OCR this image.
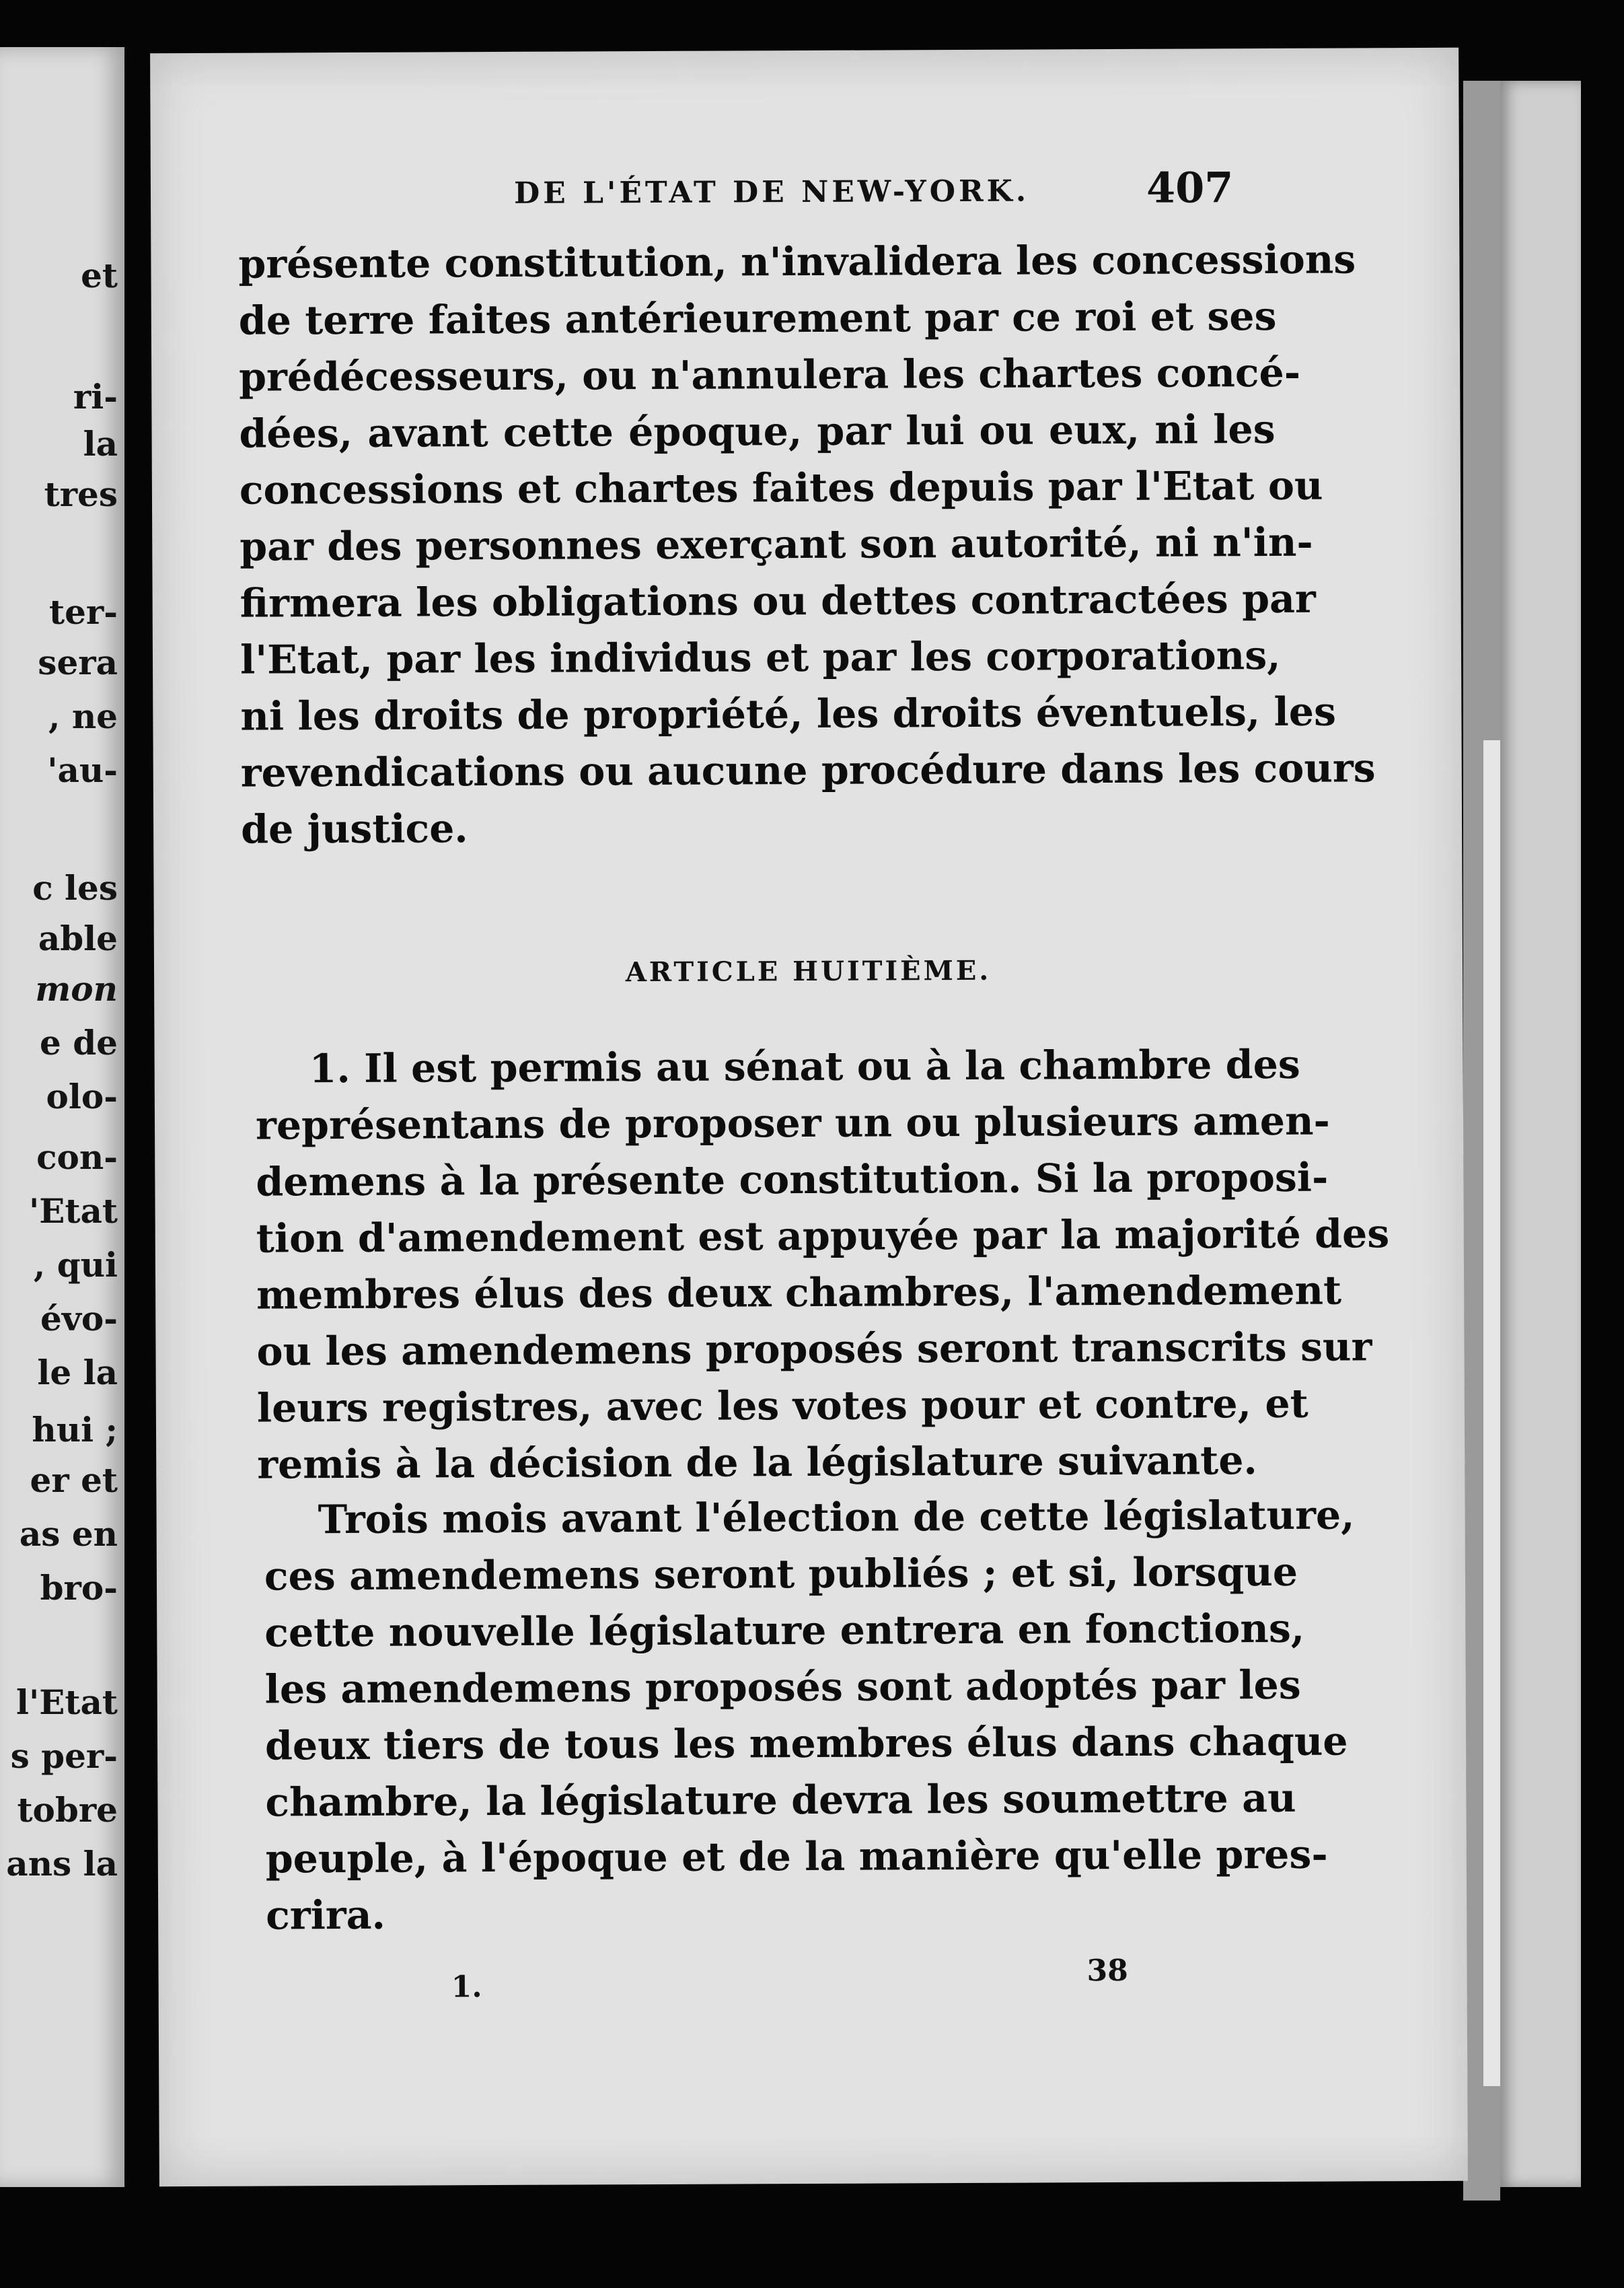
et
ri-
la
tres
ter-
sera
, ne
'au-
c les
able
mon
e de
olo-
con-
'Etat
, qui
évo-
le la
hui ;
er et
as en
bro-
l'Etat
s per-
tobre
ans la
DE L'ÉTAT DE NEW-YORK.	407
présente constitution, n'invalidera les concessions
de terre faites antérieurement par ce roi et ses
prédécesseurs, ou n'annulera les chartes concé-
dées, avant cette époque, par lui ou eux, ni les
concessions et chartes faites depuis par l'Etat ou
par des personnes exerçant son autorité, ni n'in-
firmera les obligations ou dettes contractées par
l'Etat, par les individus et par les corporations,
ni les droits de propriété, les droits éventuels, les
revendications ou aucune procédure dans les cours
de justice.
ARTICLE HUITIÈME.
1. Il est permis au sénat ou à la chambre des
représentans de proposer un ou plusieurs amen-
demens à la présente constitution. Si la proposi-
tion d'amendement est appuyée par la majorité des
membres élus des deux chambres, l'amendement
ou les amendemens proposés seront transcrits sur
leurs registres, avec les votes pour et contre, et
remis à la décision de la législature suivante.
Trois mois avant l'élection de cette législature,
ces amendemens seront publiés ; et si, lorsque
cette nouvelle législature entrera en fonctions,
les amendemens proposés sont adoptés par les
deux tiers de tous les membres élus dans chaque
chambre, la législature devra les soumettre au
peuple, à l'époque et de la manière qu'elle pres-
crira.
1.	38
